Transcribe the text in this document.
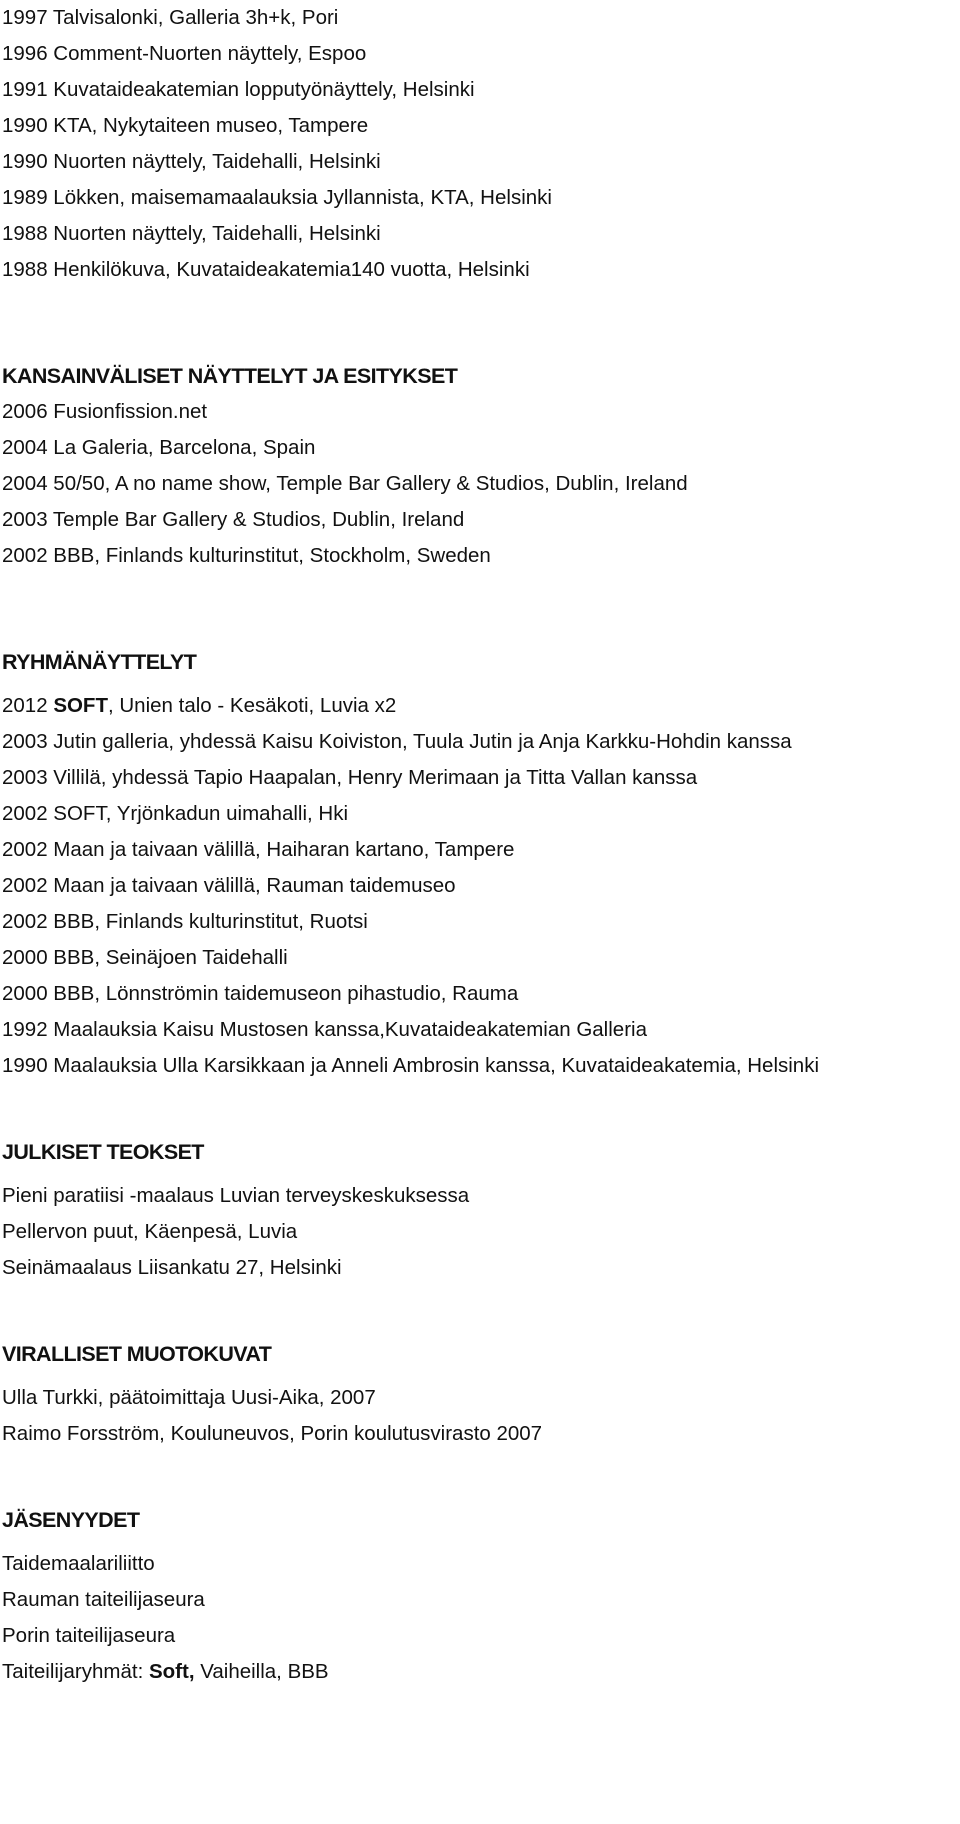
1997 Talvisalonki, Galleria 3h+k, Pori
1996 Comment-Nuorten näyttely, Espoo
1991 Kuvataideakatemian lopputyönäyttely, Helsinki
1990 KTA, Nykytaiteen museo, Tampere
1990 Nuorten näyttely, Taidehalli, Helsinki
1989 Lökken, maisemamaalauksia Jyllannista, KTA, Helsinki
1988 Nuorten näyttely, Taidehalli, Helsinki
1988 Henkilökuva, Kuvataideakatemia140 vuotta, Helsinki
KANSAINVÄLISET NÄYTTELYT JA ESITYKSET
2006 Fusionfission.net
2004 La Galeria, Barcelona, Spain
2004 50/50, A no name show, Temple Bar Gallery & Studios, Dublin, Ireland
2003 Temple Bar Gallery & Studios, Dublin, Ireland
2002 BBB, Finlands kulturinstitut, Stockholm, Sweden
RYHMÄNÄYTTELYT
2012 SOFT, Unien talo - Kesäkoti, Luvia x2
2003 Jutin galleria, yhdessä Kaisu Koiviston, Tuula Jutin ja Anja Karkku-Hohdin kanssa
2003 Villilä, yhdessä Tapio Haapalan, Henry Merimaan ja Titta Vallan kanssa
2002 SOFT, Yrjönkadun uimahalli, Hki
2002 Maan ja taivaan välillä, Haiharan kartano, Tampere
2002 Maan ja taivaan välillä, Rauman taidemuseo
2002 BBB, Finlands kulturinstitut, Ruotsi
2000 BBB, Seinäjoen Taidehalli
2000 BBB, Lönnströmin taidemuseon pihastudio, Rauma
1992 Maalauksia Kaisu Mustosen kanssa,Kuvataideakatemian Galleria
1990 Maalauksia Ulla Karsikkaan ja Anneli Ambrosin kanssa, Kuvataideakatemia, Helsinki
JULKISET TEOKSET
Pieni paratiisi -maalaus Luvian terveyskeskuksessa
Pellervon puut, Käenpesä, Luvia
Seinämaalaus Liisankatu 27, Helsinki
VIRALLISET MUOTOKUVAT
Ulla Turkki, päätoimittaja Uusi-Aika, 2007
Raimo Forsström, Kouluneuvos, Porin koulutusvirasto 2007
JÄSENYYDET
Taidemaalariliitto
Rauman taiteilijaseura
Porin taiteilijaseura
Taiteilijaryhmät: Soft, Vaiheilla, BBB
